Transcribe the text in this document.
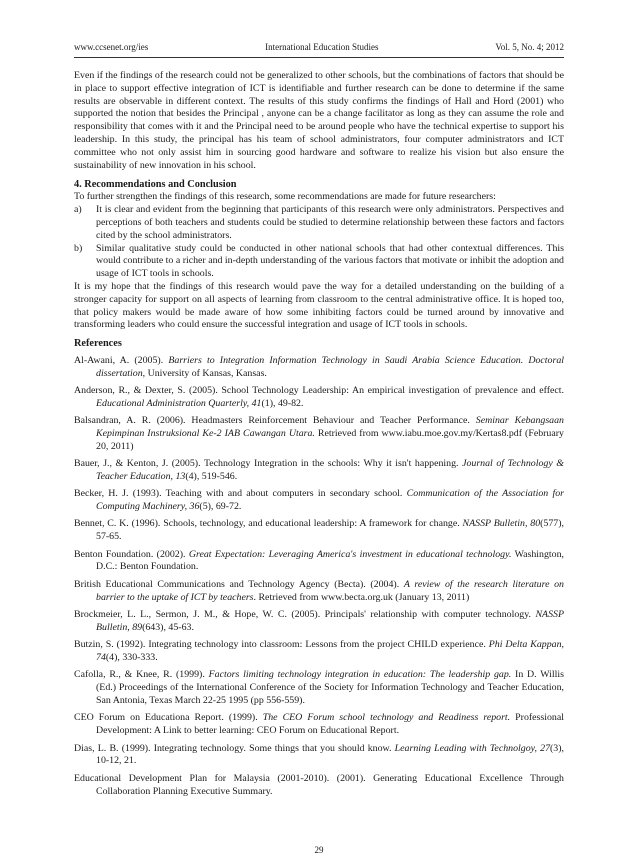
www.ccsenet.org/ies	International Education Studies	Vol. 5, No. 4; 2012

Even if the findings of the research could not be generalized to other schools, but the combinations of factors that should be in place to support effective integration of ICT is identifiable and further research can be done to determine if the same results are observable in different context. The results of this study confirms the findings of Hall and Hord (2001) who supported the notion that besides the Principal , anyone can be a change facilitator as long as they can assume the role and responsibility that comes with it and the Principal need to be around people who have the technical expertise to support his leadership. In this study, the principal has his team of school administrators, four computer administrators and ICT committee who not only assist him in sourcing good hardware and software to realize his vision but also ensure the sustainability of new innovation in his school.

4. Recommendations and Conclusion

To further strengthen the findings of this research, some recommendations are made for future researchers:

a)	It is clear and evident from the beginning that participants of this research were only administrators. Perspectives and perceptions of both teachers and students could be studied to determine relationship between these factors and factors cited by the school administrators.
b)	Similar qualitative study could be conducted in other national schools that had other contextual differences. This would contribute to a richer and in-depth understanding of the various factors that motivate or inhibit the adoption and usage of ICT tools in schools.

It is my hope that the findings of this research would pave the way for a detailed understanding on the building of a stronger capacity for support on all aspects of learning from classroom to the central administrative office. It is hoped too, that policy makers would be made aware of how some inhibiting factors could be turned around by innovative and transforming leaders who could ensure the successful integration and usage of ICT tools in schools.

References
Al-Awani, A. (2005). Barriers to Integration Information Technology in Saudi Arabia Science Education. Doctoral dissertation, University of Kansas, Kansas.
Anderson, R., & Dexter, S. (2005). School Technology Leadership: An empirical investigation of prevalence and effect. Educational Administration Quarterly, 41(1), 49-82.
Balsandran, A. R. (2006). Headmasters Reinforcement Behaviour and Teacher Performance. Seminar Kebangsaan Kepimpinan Instruksional Ke-2 IAB Cawangan Utara. Retrieved from www.iabu.moe.gov.my/Kertas8.pdf (February 20, 2011)
Bauer, J., & Kenton, J. (2005). Technology Integration in the schools: Why it isn't happening. Journal of Technology & Teacher Education, 13(4), 519-546.
Becker, H. J. (1993). Teaching with and about computers in secondary school. Communication of the Association for Computing Machinery, 36(5), 69-72.
Bennet, C. K. (1996). Schools, technology, and educational leadership: A framework for change. NASSP Bulletin, 80(577), 57-65.
Benton Foundation. (2002). Great Expectation: Leveraging America's investment in educational technology. Washington, D.C.: Benton Foundation.
British Educational Communications and Technology Agency (Becta). (2004). A review of the research literature on barrier to the uptake of ICT by teachers. Retrieved from www.becta.org.uk (January 13, 2011)
Brockmeier, L. L., Sermon, J. M., & Hope, W. C. (2005). Principals' relationship with computer technology. NASSP Bulletin, 89(643), 45-63.
Butzin, S. (1992). Integrating technology into classroom: Lessons from the project CHILD experience. Phi Delta Kappan, 74(4), 330-333.
Cafolla, R., & Knee, R. (1999). Factors limiting technology integration in education: The leadership gap. In D. Willis (Ed.) Proceedings of the International Conference of the Society for Information Technology and Teacher Education, San Antonia, Texas March 22-25 1995 (pp 556-559).
CEO Forum on Educationa Report. (1999). The CEO Forum school technology and Readiness report. Professional Development: A Link to better learning: CEO Forum on Educational Report.
Dias, L. B. (1999). Integrating technology. Some things that you should know. Learning Leading with Technolgoy, 27(3), 10-12, 21.
Educational Development Plan for Malaysia (2001-2010). (2001). Generating Educational Excellence Through Collaboration Planning Executive Summary.
29
